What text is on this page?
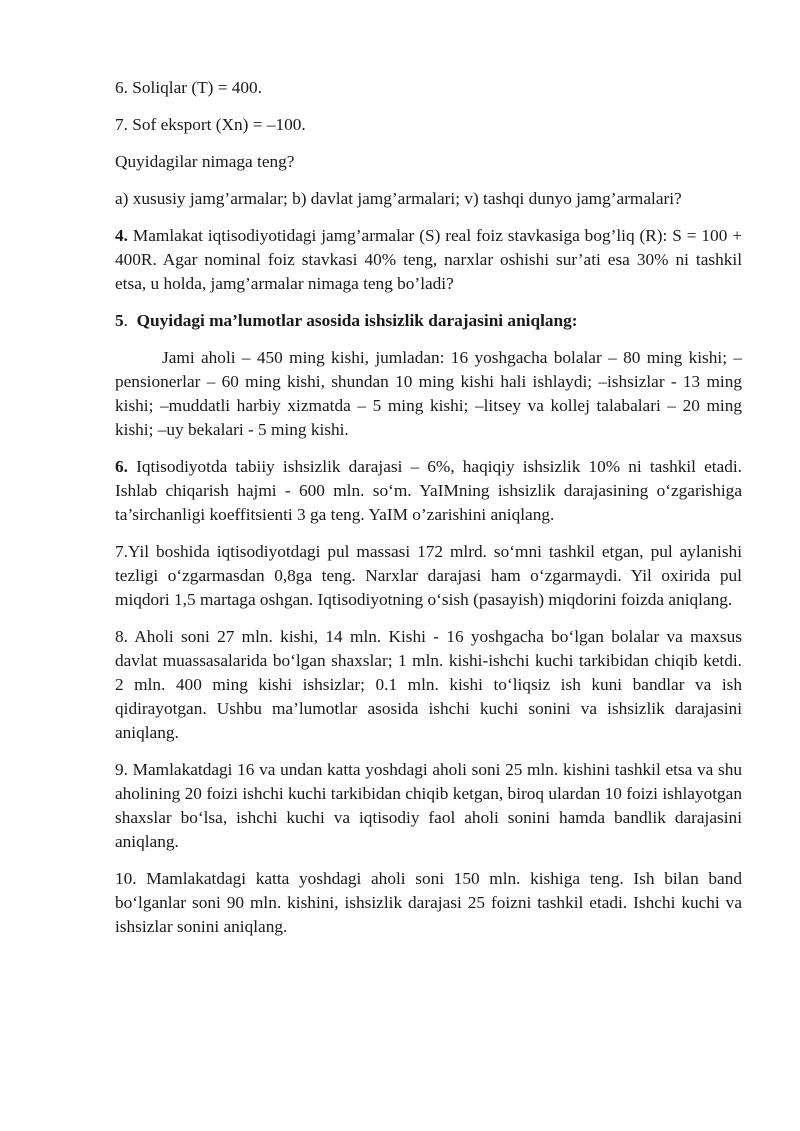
6. Soliqlar (T) = 400.

7. Sof eksport (Xn) = –100.

Quyidagilar nimaga teng?

a) xususiy jamg’armalar; b) davlat jamg’armalari; v) tashqi dunyo jamg’armalari?

4. Mamlakat iqtisodiyotidagi jamg’armalar (S) real foiz stavkasiga bog’liq (R): S = 100 + 400R. Agar nominal foiz stavkasi 40% teng, narxlar oshishi sur’ati esa 30% ni tashkil etsa, u holda, jamg’armalar nimaga teng bo’ladi?

5.  Quyidagi ma’lumotlar asosida ishsizlik darajasini aniqlang:

Jami aholi – 450 ming kishi, jumladan: 16 yoshgacha bolalar – 80 ming kishi; –pensionerlar – 60 ming kishi, shundan 10 ming kishi hali ishlaydi; –ishsizlar - 13 ming kishi; –muddatli harbiy xizmatda – 5 ming kishi; –litsey va kollej talabalari – 20 ming kishi; –uy bekalari - 5 ming kishi.

6. Iqtisodiyotda tabiiy ishsizlik darajasi – 6%, haqiqiy ishsizlik 10% ni tashkil etadi. Ishlab chiqarish hajmi - 600 mln. so‘m. YaIMning ishsizlik darajasining o‘zgarishiga ta’sirchanligi koeffitsienti 3 ga teng. YaIM o’zarishini aniqlang.

7.Yil boshida iqtisodiyotdagi pul massasi 172 mlrd. so‘mni tashkil etgan, pul aylanishi tezligi o‘zgarmasdan 0,8ga teng. Narxlar darajasi ham o‘zgarmaydi. Yil oxirida pul miqdori 1,5 martaga oshgan. Iqtisodiyotning o‘sish (pasayish) miqdorini foizda aniqlang.

8. Aholi soni 27 mln. kishi, 14 mln. Kishi - 16 yoshgacha bo‘lgan bolalar va maxsus davlat muassasalarida bo‘lgan shaxslar; 1 mln. kishi-ishchi kuchi tarkibidan chiqib ketdi. 2 mln. 400 ming kishi ishsizlar; 0.1 mln. kishi to‘liqsiz ish kuni bandlar va ish qidirayotgan. Ushbu ma’lumotlar asosida ishchi kuchi sonini va ishsizlik darajasini aniqlang.

9. Mamlakatdagi 16 va undan katta yoshdagi aholi soni 25 mln. kishini tashkil etsa va shu aholining 20 foizi ishchi kuchi tarkibidan chiqib ketgan, biroq ulardan 10 foizi ishlayotgan shaxslar bo‘lsa, ishchi kuchi va iqtisodiy faol aholi sonini hamda bandlik darajasini aniqlang.

10. Mamlakatdagi katta yoshdagi aholi soni 150 mln. kishiga teng. Ish bilan band bo‘lganlar soni 90 mln. kishini, ishsizlik darajasi 25 foizni tashkil etadi. Ishchi kuchi va ishsizlar sonini aniqlang.
